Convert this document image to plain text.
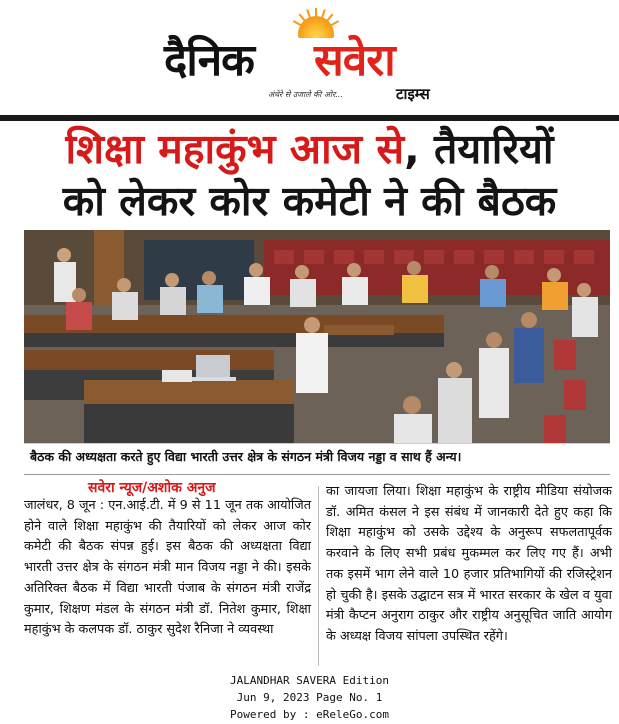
दैनिक सवेरा
अंधेरे से उजाले की ओर...	टाइम्स
शिक्षा महाकुंभ आज से, तैयारियों
को लेकर कोर कमेटी ने की बैठक
बैठक की अध्यक्षता करते हुए विद्या भारती उत्तर क्षेत्र के संगठन मंत्री विजय नड्डा व साथ हैं अन्य।
सवेरा न्यूज/अशोक अनुज
जालंधर, 8 जून : एन.आई.टी. में 9 से 11 जून तक आयोजित होने वाले शिक्षा महाकुंभ की तैयारियों को लेकर आज कोर कमेटी की बैठक संपन्न हुई। इस बैठक की अध्यक्षता विद्या भारती उत्तर क्षेत्र के संगठन मंत्री मान विजय नड्डा ने की। इसके अतिरिक्त बैठक में विद्या भारती पंजाब के संगठन मंत्री राजेंद्र कुमार, शिक्षण मंडल के संगठन मंत्री डॉ. नितेश कुमार, शिक्षा महाकुंभ के कलपक डॉ. ठाकुर सुदेश रैनिजा ने व्यवस्था
का जायजा लिया। शिक्षा महाकुंभ के राष्ट्रीय मीडिया संयोजक डॉ. अमित कंसल ने इस संबंध में जानकारी देते हुए कहा कि शिक्षा महाकुंभ को उसके उद्देश्य के अनुरूप सफलतापूर्वक करवाने के लिए सभी प्रबंध मुकम्मल कर लिए गए हैं। अभी तक इसमें भाग लेने वाले 10 हजार प्रतिभागियों की रजिस्ट्रेशन हो चुकी है। इसके उद्घाटन सत्र में भारत सरकार के खेल व युवा मंत्री कैप्टन अनुराग ठाकुर और राष्ट्रीय अनुसूचित जाति आयोग के अध्यक्ष विजय सांपला उपस्थित रहेंगे।
JALANDHAR SAVERA Edition
Jun 9, 2023 Page No. 1
Powered by : eReleGo.com
